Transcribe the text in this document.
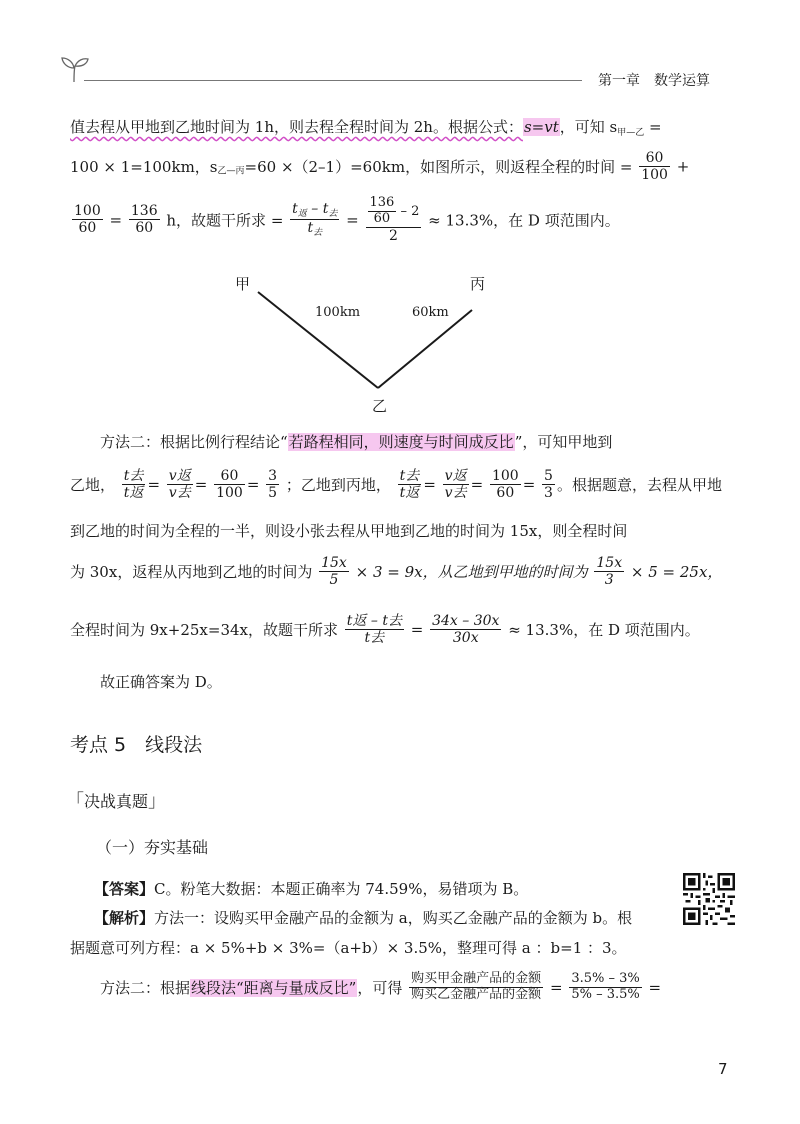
第一章　 数学运算
值去程从甲地到乙地时间为 1h，则去程全程时间为 2h。根据公式：s=vt，可知 $s_{甲—乙}$ =
100 × 1=100km，$s_{乙—丙}=60 \times(2-1)=60km$，如图所示，则返程全程的时间 = $\frac{60}{100}$ +
$\frac{100}{60} = \frac{136}{60}$ h，故题干所求 = $\frac{t_返 - t_去}{t_去} = \frac{\frac{136}{60} - 2}{2} \approx 13.3\%$，在 D 项范围内。
甲	丙
乙
100km	60km
方法二：根据比例行程结论“若路程相同，则速度与时间成反比”，可知甲地到
乙地， $\frac{\text{t去}}{\text{t返}} = \frac{\text{v返}}{\text{v去}} = \frac{60}{100} = \frac{3}{5}$ ；乙地到丙地， $\frac{\text{t去}}{\text{t返}} = \frac{\text{v返}}{\text{v去}} = \frac{100}{60} = \frac{5}{3}$ 。根据题意，去程从甲地
到乙地的时间为全程的一半，则设小张去程从甲地到乙地的时间为 15x，则全程时间
为 30x，返程从丙地到乙地的时间为 $\frac{15x}{5} \times 3 = 9x$，从乙地到甲地的时间为 $\frac{15x}{3} \times 5 = 25x$，
全程时间为 9x+25x=34x，故题干所求 $\frac{\text{t返 – t去}}{\text{t去}} = \frac{34x - 30x}{30x} \approx 13.3\%$，在 D 项范围内。
故正确答案为 D。
考点 5　线段法
「决战真题」
（一）夯实基础
【答案】C。粉笔大数据：本题正确率为 74.59%，易错项为 B。
【解析】方法一：设购买甲金融产品的金额为 a，购买乙金融产品的金额为 b。根
据题意可列方程：a × 5%+b × 3%=（a+b）× 3.5%，整理可得 a ：b=1 ：3。
方法二：根据线段法“距离与量成反比”，可得 $\frac{\text{购买甲金融产品的金额}}{\text{购买乙金融产品的金额}} = \frac{3.5\% - 3\%}{5\% - 3.5\%}$ =
7
